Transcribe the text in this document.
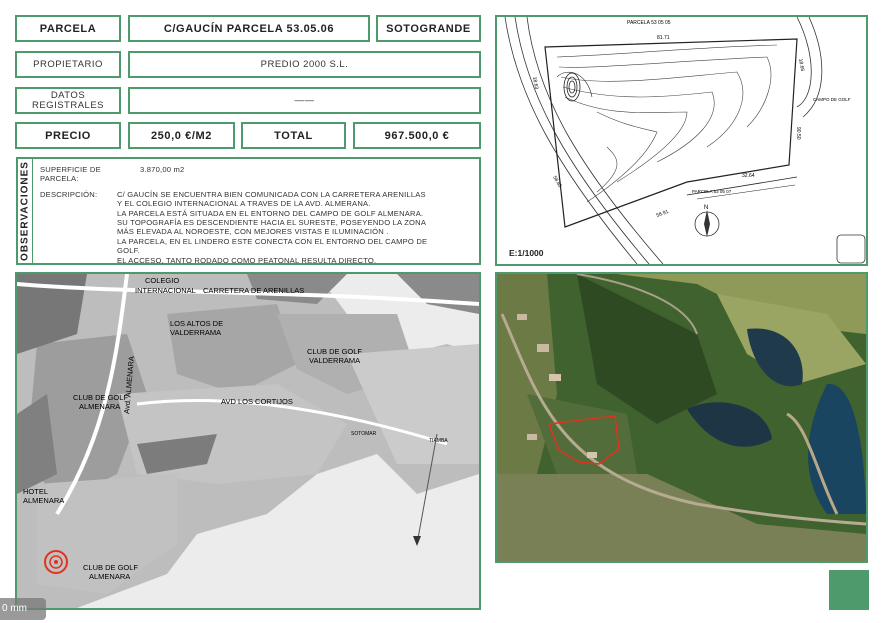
PARCELA	C/GAUCÍN PARCELA 53.05.06	SOTOGRANDE
PROPIETARIO	PREDIO 2000 S.L.
DATOS
REGISTRALES	——
PRECIO	250,0 €/M2	TOTAL	967.500,0 €
OBSERVACIONES SUPERFICIE DE PARCELA:
3.870,00 m2
DESCRIPCIÓN:	C/ GAUCÍN SE ENCUENTRA BIEN COMUNICADA CON LA CARRETERA ARENILLAS
Y EL COLEGIO INTERNACIONAL A TRAVES DE LA AVD. ALMERANA.
LA PARCELA ESTÁ SITUADA EN EL ENTORNO DEL CAMPO DE GOLF ALMENARA.
SU TOPOGRAFÍA ES DESCENDIENTE HACIA EL SURESTE, POSEYENDO LA ZONA
MÁS ELEVADA AL NOROESTE, CON MEJORES VISTAS E ILUMINACIÓN .
LA PARCELA, EN EL LINDERO ESTE CONECTA CON EL ENTORNO DEL CAMPO DE
GOLF.
EL ACCESO, TANTO RODADO COMO PEATONAL RESULTA DIRECTO.
PARCELA 53 05 05
81.71
18.63
18.66
CAMPO DE GOLF
90.50
32.64
PARCELA 53 05 07
58.85
58.91
N
E:1/1000
COLEGIO
INTERNACIONAL CARRETERA DE ARENILLAS
LOS ALTOS DE
VALDERRAMA
CLUB DE GOLF
VALDERRAMA
Avd. ALMENARA
CLUB DE GOLF
ALMENARA
AVD LOS CORTIJOS
SOTOMAR
TIAMBA
HOTEL
ALMENARA
CLUB DE GOLF
ALMENARA
0 mm
